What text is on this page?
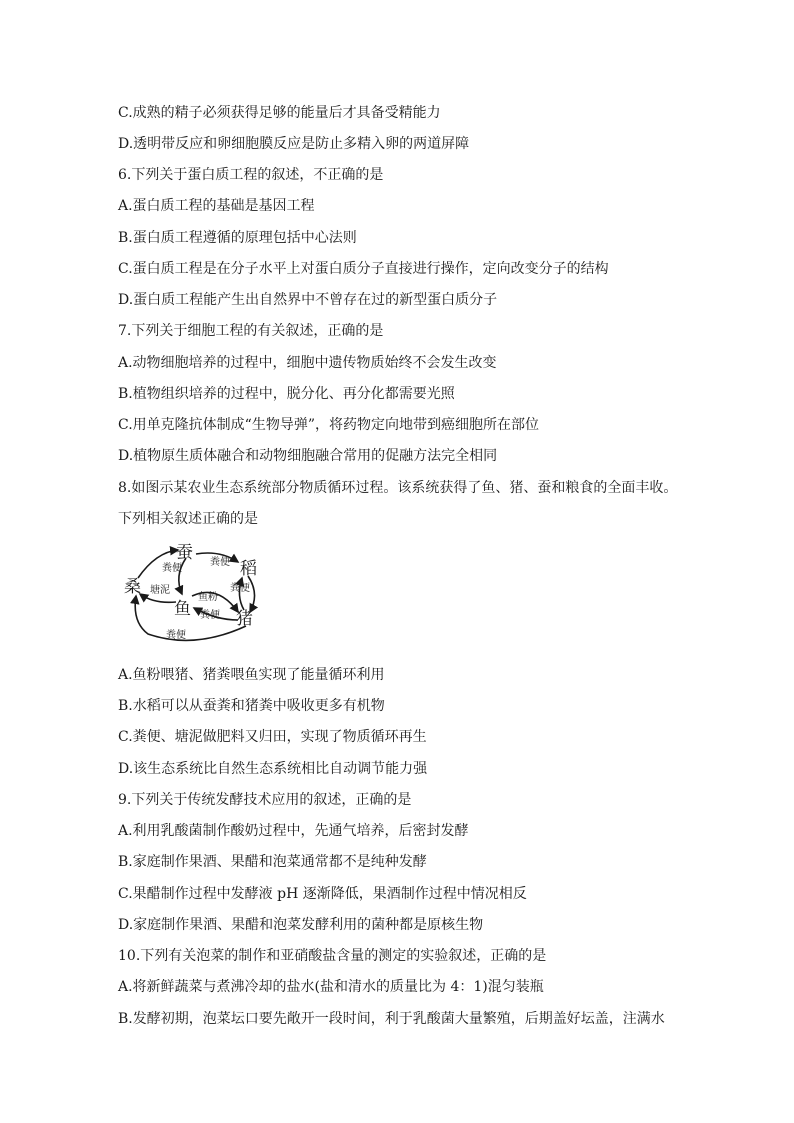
C.成熟的精子必须获得足够的能量后才具备受精能力
D.透明带反应和卵细胞膜反应是防止多精入卵的两道屏障
6.下列关于蛋白质工程的叙述，不正确的是
A.蛋白质工程的基础是基因工程
B.蛋白质工程遵循的原理包括中心法则
C.蛋白质工程是在分子水平上对蛋白质分子直接进行操作，定向改变分子的结构
D.蛋白质工程能产生出自然界中不曾存在过的新型蛋白质分子
7.下列关于细胞工程的有关叙述，正确的是
A.动物细胞培养的过程中，细胞中遗传物质始终不会发生改变
B.植物组织培养的过程中，脱分化、再分化都需要光照
C.用单克隆抗体制成“生物导弹”，将药物定向地带到癌细胞所在部位
D.植物原生质体融合和动物细胞融合常用的促融方法完全相同
8.如图示某农业生态系统部分物质循环过程。该系统获得了鱼、猪、蚕和粮食的全面丰收。
下列相关叙述正确的是
蚕
稻
桑
鱼	猪
粪便
粪便
粪便
塘泥
鱼粉
粪便
粪便
A.鱼粉喂猪、猪粪喂鱼实现了能量循环利用
B.水稻可以从蚕粪和猪粪中吸收更多有机物
C.粪便、塘泥做肥料又归田，实现了物质循环再生
D.该生态系统比自然生态系统相比自动调节能力强
9.下列关于传统发酵技术应用的叙述，正确的是
A.利用乳酸菌制作酸奶过程中，先通气培养，后密封发酵
B.家庭制作果酒、果醋和泡菜通常都不是纯种发酵
C.果醋制作过程中发酵液 pH 逐渐降低，果酒制作过程中情况相反
D.家庭制作果酒、果醋和泡菜发酵利用的菌种都是原核生物
10.下列有关泡菜的制作和亚硝酸盐含量的测定的实验叙述，正确的是
A.将新鲜蔬菜与煮沸冷却的盐水(盐和清水的质量比为 4：1)混匀装瓶
B.发酵初期，泡菜坛口要先敞开一段时间，利于乳酸菌大量繁殖，后期盖好坛盖，注满水
